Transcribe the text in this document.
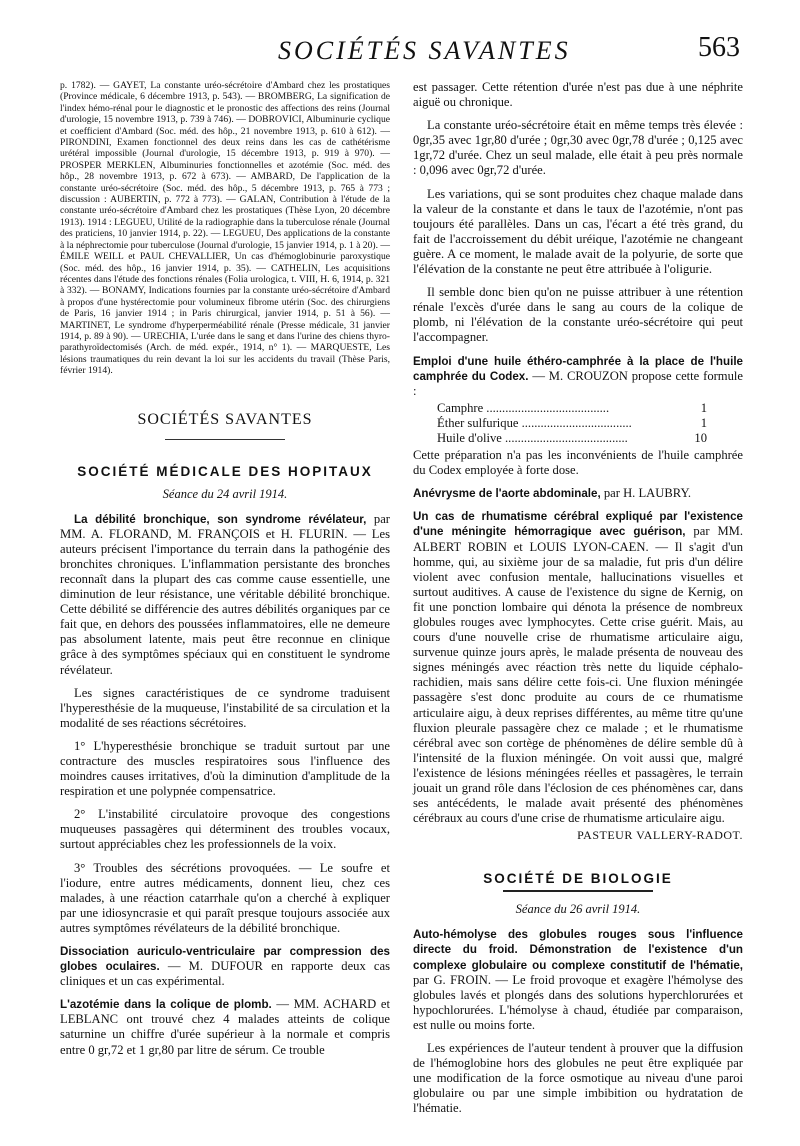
SOCIÉTÉS SAVANTES	563
p. 1782). — GAYET, La constante uréo-sécrétoire d'Ambard chez les prostatiques (Province médicale, 6 décembre 1913, p. 543). — BROMBERG, La signification de l'index hémo-rénal pour le diagnostic et le pronostic des affections des reins (Journal d'urologie, 15 novembre 1913, p. 739 à 746). — DOBROVICI, Albuminurie cyclique et coefficient d'Ambard (Soc. méd. des hôp., 21 novembre 1913, p. 610 à 612). — PIRONDINI, Examen fonctionnel des deux reins dans les cas de cathétérisme urétéral impossible (Journal d'urologie, 15 décembre 1913, p. 919 à 970). — PROSPER MERKLEN, Albuminuries fonctionnelles et azotémie (Soc. méd. des hôp., 28 novembre 1913, p. 672 à 673). — AMBARD, De l'application de la constante uréo-sécrétoire (Soc. méd. des hôp., 5 décembre 1913, p. 765 à 773 ; discussion : AUBERTIN, p. 772 à 773). — GALAN, Contribution à l'étude de la constante uréo-sécrétoire d'Ambard chez les prostatiques (Thèse Lyon, 20 décembre 1913). 1914 : LEGUEU, Utilité de la radiographie dans la tuberculose rénale (Journal des praticiens, 10 janvier 1914, p. 22). — LEGUEU, Des applications de la constante à la néphrectomie pour tuberculose (Journal d'urologie, 15 janvier 1914, p. 1 à 20). — ÉMILE WEILL et PAUL CHEVALLIER, Un cas d'hémoglobinurie paroxystique (Soc. méd. des hôp., 16 janvier 1914, p. 35). — CATHELIN, Les acquisitions récentes dans l'étude des fonctions rénales (Folia urologica, t. VIII, H. 6, 1914, p. 321 à 332). — BONAMY, Indications fournies par la constante uréo-sécrétoire d'Ambard à propos d'une hystérectomie pour volumineux fibrome utérin (Soc. des chirurgiens de Paris, 16 janvier 1914 ; in Paris chirurgical, janvier 1914, p. 51 à 56). — MARTINET, Le syndrome d'hyperperméabilité rénale (Presse médicale, 31 janvier 1914, p. 89 à 90). — URECHIA, L'urée dans le sang et dans l'urine des chiens thyro-parathyroïdectomisés (Arch. de méd. expér., 1914, n° 1). — MARQUESTE, Les lésions traumatiques du rein devant la loi sur les accidents du travail (Thèse Paris, février 1914).
SOCIÉTÉS SAVANTES
SOCIÉTÉ MÉDICALE DES HOPITAUX
Séance du 24 avril 1914.

La débilité bronchique, son syndrome révélateur, par MM. A. FLORAND, M. FRANÇOIS et H. FLURIN. — Les auteurs précisent l'importance du terrain dans la pathogénie des bronchites chroniques. L'inflammation persistante des bronches reconnaît dans la plupart des cas comme cause essentielle, une diminution de leur résistance, une véritable débilité bronchique. Cette débilité se différencie des autres débilités organiques par ce fait que, en dehors des poussées inflammatoires, elle ne demeure pas absolument latente, mais peut être reconnue en clinique grâce à des symptômes spéciaux qui en constituent le syndrome révélateur.

Les signes caractéristiques de ce syndrome traduisent l'hyperesthésie de la muqueuse, l'instabilité de sa circulation et la modalité de ses réactions sécrétoires.

1° L'hyperesthésie bronchique se traduit surtout par une contracture des muscles respiratoires sous l'influence des moindres causes irritatives, d'où la diminution d'amplitude de la respiration et une polypnée compensatrice.

2° L'instabilité circulatoire provoque des congestions muqueuses passagères qui déterminent des troubles vocaux, surtout appréciables chez les professionnels de la voix.

3° Troubles des sécrétions provoquées. — Le soufre et l'iodure, entre autres médicaments, donnent lieu, chez ces malades, à une réaction catarrhale qu'on a cherché à expliquer par une idiosyncrasie et qui paraît presque toujours associée aux autres symptômes révélateurs de la débilité bronchique.

Dissociation auriculo-ventriculaire par compression des globes oculaires. — M. DUFOUR en rapporte deux cas cliniques et un cas expérimental.

L'azotémie dans la colique de plomb. — MM. ACHARD et LEBLANC ont trouvé chez 4 malades atteints de colique saturnine un chiffre d'urée supérieur à la normale et compris entre 0 gr,72 et 1 gr,80 par litre de sérum. Ce trouble

est passager. Cette rétention d'urée n'est pas due à une néphrite aiguë ou chronique.

La constante uréo-sécrétoire était en même temps très élevée : 0gr,35 avec 1gr,80 d'urée ; 0gr,30 avec 0gr,78 d'urée ; 0,125 avec 1gr,72 d'urée. Chez un seul malade, elle était à peu près normale : 0,096 avec 0gr,72 d'urée.

Les variations, qui se sont produites chez chaque malade dans la valeur de la constante et dans le taux de l'azotémie, n'ont pas toujours été parallèles. Dans un cas, l'écart a été très grand, du fait de l'accroissement du débit uréique, l'azotémie ne changeant guère. A ce moment, le malade avait de la polyurie, de sorte que l'élévation de la constante ne peut être attribuée à l'oligurie.

Il semble donc bien qu'on ne puisse attribuer à une rétention rénale l'excès d'urée dans le sang au cours de la colique de plomb, ni l'élévation de la constante uréo-sécrétoire qui peut l'accompagner.

Emploi d'une huile éthéro-camphrée à la place de l'huile camphrée du Codex. — M. CROUZON propose cette formule :

Camphre .......................................	1
Éther sulfurique ...................................	1
Huile d'olive .......................................	10

Cette préparation n'a pas les inconvénients de l'huile camphrée du Codex employée à forte dose.

Anévrysme de l'aorte abdominale, par H. LAUBRY.

Un cas de rhumatisme cérébral expliqué par l'existence d'une méningite hémorragique avec guérison, par MM. ALBERT ROBIN et LOUIS LYON-CAEN. — Il s'agit d'un homme, qui, au sixième jour de sa maladie, fut pris d'un délire violent avec confusion mentale, hallucinations visuelles et surtout auditives. A cause de l'existence du signe de Kernig, on fit une ponction lombaire qui dénota la présence de nombreux globules rouges avec lymphocytes. Cette crise guérit. Mais, au cours d'une nouvelle crise de rhumatisme articulaire aigu, survenue quinze jours après, le malade présenta de nouveau des signes méningés avec réaction très nette du liquide céphalo-rachidien, mais sans délire cette fois-ci. Une fluxion méningée passagère s'est donc produite au cours de ce rhumatisme articulaire aigu, à deux reprises différentes, au même titre qu'une fluxion pleurale passagère chez ce malade ; et le rhumatisme cérébral avec son cortège de phénomènes de délire semble dû à l'intensité de la fluxion méningée. On voit aussi que, malgré l'existence de lésions méningées réelles et passagères, le terrain jouait un grand rôle dans l'éclosion de ces phénomènes car, dans ses antécédents, le malade avait présenté des phénomènes cérébraux au cours d'une crise de rhumatisme articulaire aigu.

PASTEUR VALLERY-RADOT.
SOCIÉTÉ DE BIOLOGIE
Séance du 26 avril 1914.

Auto-hémolyse des globules rouges sous l'influence directe du froid. Démonstration de l'existence d'un complexe globulaire ou complexe constitutif de l'hématie, par G. FROIN. — Le froid provoque et exagère l'hémolyse des globules lavés et plongés dans des solutions hyperchlorurées et hypochlorurées. L'hémolyse à chaud, étudiée par comparaison, est nulle ou moins forte.

Les expériences de l'auteur tendent à prouver que la diffusion de l'hémoglobine hors des globules ne peut être expliquée par une modification de la force osmotique au niveau d'une paroi globulaire ou par une simple imbibition ou hydratation de l'hématie.
